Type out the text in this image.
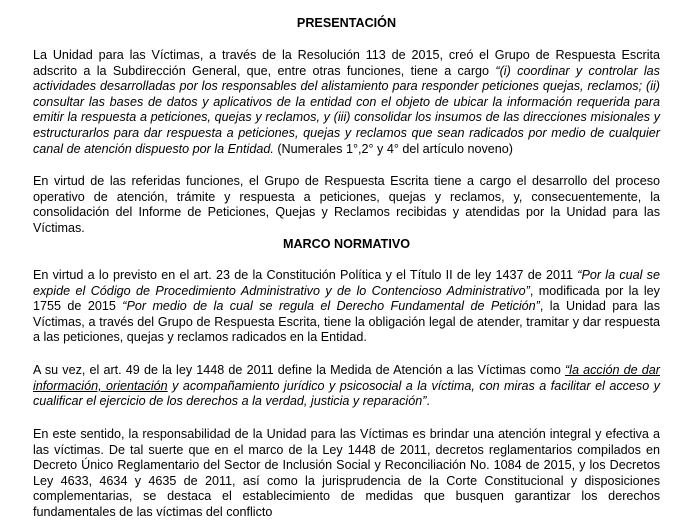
PRESENTACIÓN

La Unidad para las Víctimas, a través de la Resolución 113 de 2015, creó el Grupo de Respuesta Escrita adscrito a la Subdirección General, que, entre otras funciones, tiene a cargo “(i) coordinar y controlar las actividades desarrolladas por los responsables del alistamiento para responder peticiones quejas, reclamos; (ii) consultar las bases de datos y aplicativos de la entidad con el objeto de ubicar la información requerida para emitir la respuesta a peticiones, quejas y reclamos, y (iii) consolidar los insumos de las direcciones misionales y estructurarlos para dar respuesta a peticiones, quejas y reclamos que sean radicados por medio de cualquier canal de atención dispuesto por la Entidad. (Numerales 1°,2° y 4° del artículo noveno)

En virtud de las referidas funciones, el Grupo de Respuesta Escrita tiene a cargo el desarrollo del proceso operativo de atención, trámite y respuesta a peticiones, quejas y reclamos, y, consecuentemente, la consolidación del Informe de Peticiones, Quejas y Reclamos recibidas y atendidas por la Unidad para las Víctimas.

MARCO NORMATIVO

En virtud a lo previsto en el art. 23 de la Constitución Política y el Título II de ley 1437 de 2011 “Por la cual se expide el Código de Procedimiento Administrativo y de lo Contencioso Administrativo”, modificada por la ley 1755 de 2015 “Por medio de la cual se regula el Derecho Fundamental de Petición”, la Unidad para las Víctimas, a través del Grupo de Respuesta Escrita, tiene la obligación legal de atender, tramitar y dar respuesta a las peticiones, quejas y reclamos radicados en la Entidad.

A su vez, el art. 49 de la ley 1448 de 2011 define la Medida de Atención a las Víctimas como “la acción de dar información, orientación y acompañamiento jurídico y psicosocial a la víctima, con miras a facilitar el acceso y cualificar el ejercicio de los derechos a la verdad, justicia y reparación”.

En este sentido, la responsabilidad de la Unidad para las Víctimas es brindar una atención integral y efectiva a las víctimas. De tal suerte que en el marco de la Ley 1448 de 2011, decretos reglamentarios compilados en Decreto Único Reglamentario del Sector de Inclusión Social y Reconciliación No. 1084 de 2015, y los Decretos Ley 4633, 4634 y 4635 de 2011, así como la jurisprudencia de la Corte Constitucional y disposiciones complementarias, se destaca el establecimiento de medidas que busquen garantizar los derechos fundamentales de las víctimas del conflicto
